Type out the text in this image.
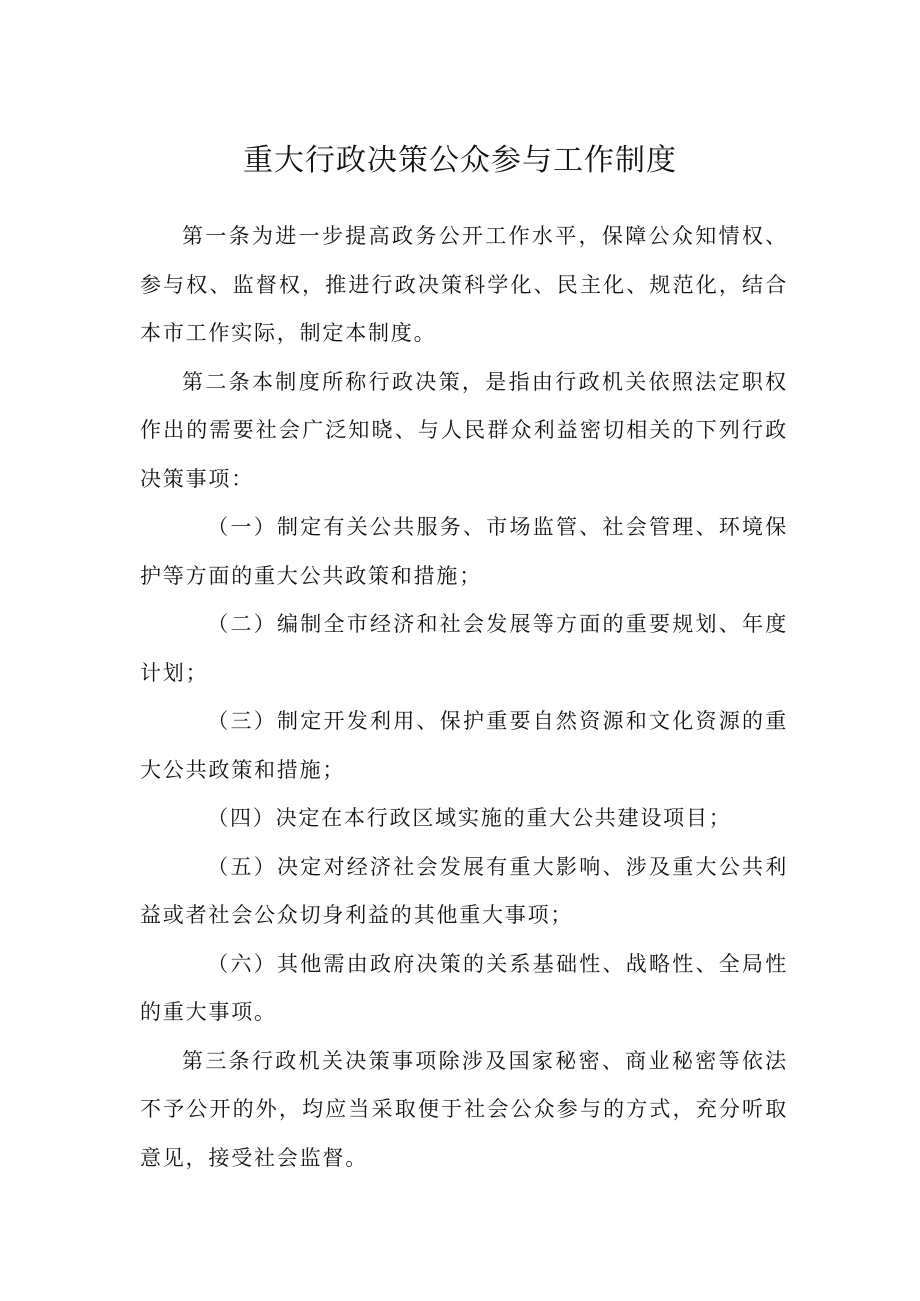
重大行政决策公众参与工作制度

第一条为进一步提高政务公开工作水平，保障公众知情权、参与权、监督权，推进行政决策科学化、民主化、规范化，结合本市工作实际，制定本制度。

第二条本制度所称行政决策，是指由行政机关依照法定职权作出的需要社会广泛知晓、与人民群众利益密切相关的下列行政决策事项：

（一）制定有关公共服务、市场监管、社会管理、环境保护等方面的重大公共政策和措施；

（二）编制全市经济和社会发展等方面的重要规划、年度计划；

（三）制定开发利用、保护重要自然资源和文化资源的重大公共政策和措施；

（四）决定在本行政区域实施的重大公共建设项目；

（五）决定对经济社会发展有重大影响、涉及重大公共利益或者社会公众切身利益的其他重大事项；

（六）其他需由政府决策的关系基础性、战略性、全局性的重大事项。

第三条行政机关决策事项除涉及国家秘密、商业秘密等依法不予公开的外，均应当采取便于社会公众参与的方式，充分听取意见，接受社会监督。
